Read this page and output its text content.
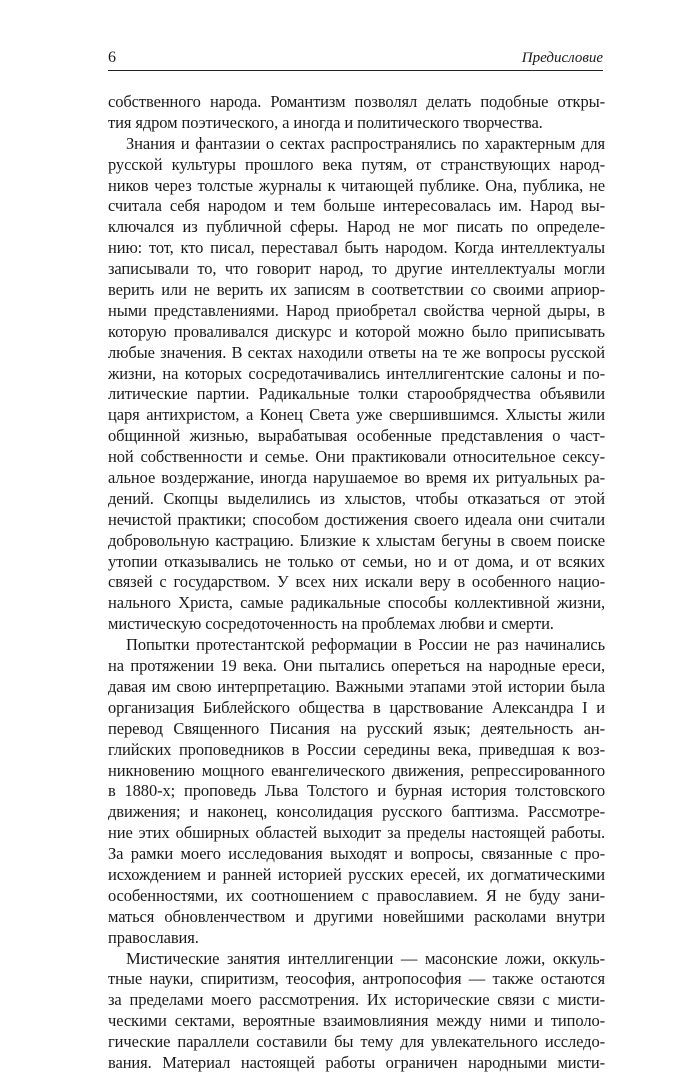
6	Предисловие
собственного народа. Романтизм позволял делать подобные откры-
тия ядром поэтического, а иногда и политического творчества.
Знания и фантазии о сектах распространялись по характерным для
русской культуры прошлого века путям, от странствующих народ-
ников через толстые журналы к читающей публике. Она, публика, не
считала себя народом и тем больше интересовалась им. Народ вы-
ключался из публичной сферы. Народ не мог писать по определе-
нию: тот, кто писал, переставал быть народом. Когда интеллектуалы
записывали то, что говорит народ, то другие интеллектуалы могли
верить или не верить их записям в соответствии со своими априор-
ными представлениями. Народ приобретал свойства черной дыры, в
которую проваливался дискурс и которой можно было приписывать
любые значения. В сектах находили ответы на те же вопросы русской
жизни, на которых сосредотачивались интеллигентские салоны и по-
литические партии. Радикальные толки старообрядчества объявили
царя антихристом, а Конец Света уже свершившимся. Хлысты жили
общинной жизнью, вырабатывая особенные представления о част-
ной собственности и семье. Они практиковали относительное сексу-
альное воздержание, иногда нарушаемое во время их ритуальных ра-
дений. Скопцы выделились из хлыстов, чтобы отказаться от этой
нечистой практики; способом достижения своего идеала они считали
добровольную кастрацию. Близкие к хлыстам бегуны в своем поиске
утопии отказывались не только от семьи, но и от дома, и от всяких
связей с государством. У всех них искали веру в особенного нацио-
нального Христа, самые радикальные способы коллективной жизни,
мистическую сосредоточенность на проблемах любви и смерти.
Попытки протестантской реформации в России не раз начинались
на протяжении 19 века. Они пытались опереться на народные ереси,
давая им свою интерпретацию. Важными этапами этой истории была
организация Библейского общества в царствование Александра I и
перевод Священного Писания на русский язык; деятельность ан-
глийских проповедников в России середины века, приведшая к воз-
никновению мощного евангелического движения, репрессированного
в 1880-х; проповедь Льва Толстого и бурная история толстовского
движения; и наконец, консолидация русского баптизма. Рассмотре-
ние этих обширных областей выходит за пределы настоящей работы.
За рамки моего исследования выходят и вопросы, связанные с про-
исхождением и ранней историей русских ересей, их догматическими
особенностями, их соотношением с православием. Я не буду зани-
маться обновленчеством и другими новейшими расколами внутри
православия.
Мистические занятия интеллигенции — масонские ложи, оккуль-
тные науки, спиритизм, теософия, антропософия — также остаются
за пределами моего рассмотрения. Их исторические связи с мисти-
ческими сектами, вероятные взаимовлияния между ними и типоло-
гические параллели составили бы тему для увлекательного исследо-
вания. Материал настоящей работы ограничен народными мисти-
